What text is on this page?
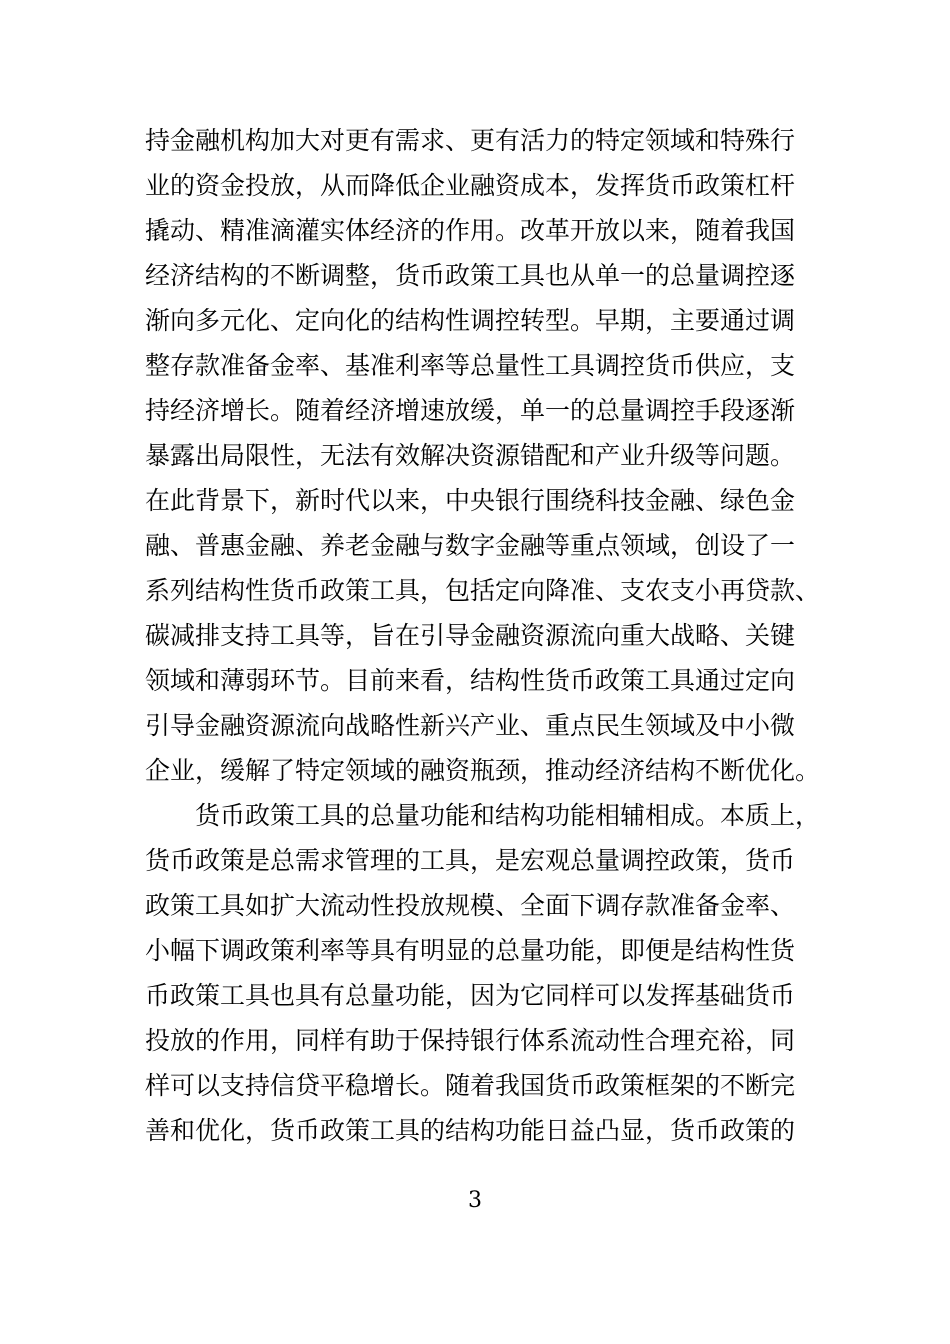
持金融机构加大对更有需求、更有活力的特定领域和特殊行
业的资金投放，从而降低企业融资成本，发挥货币政策杠杆
撬动、精准滴灌实体经济的作用。改革开放以来，随着我国
经济结构的不断调整，货币政策工具也从单一的总量调控逐
渐向多元化、定向化的结构性调控转型。早期，主要通过调
整存款准备金率、基准利率等总量性工具调控货币供应，支
持经济增长。随着经济增速放缓，单一的总量调控手段逐渐
暴露出局限性，无法有效解决资源错配和产业升级等问题。
在此背景下，新时代以来，中央银行围绕科技金融、绿色金
融、普惠金融、养老金融与数字金融等重点领域，创设了一
系列结构性货币政策工具，包括定向降准、支农支小再贷款、
碳减排支持工具等，旨在引导金融资源流向重大战略、关键
领域和薄弱环节。目前来看，结构性货币政策工具通过定向
引导金融资源流向战略性新兴产业、重点民生领域及中小微
企业，缓解了特定领域的融资瓶颈，推动经济结构不断优化。
货币政策工具的总量功能和结构功能相辅相成。本质上，
货币政策是总需求管理的工具，是宏观总量调控政策，货币
政策工具如扩大流动性投放规模、全面下调存款准备金率、
小幅下调政策利率等具有明显的总量功能，即便是结构性货
币政策工具也具有总量功能，因为它同样可以发挥基础货币
投放的作用，同样有助于保持银行体系流动性合理充裕，同
样可以支持信贷平稳增长。随着我国货币政策框架的不断完
善和优化，货币政策工具的结构功能日益凸显，货币政策的
3
